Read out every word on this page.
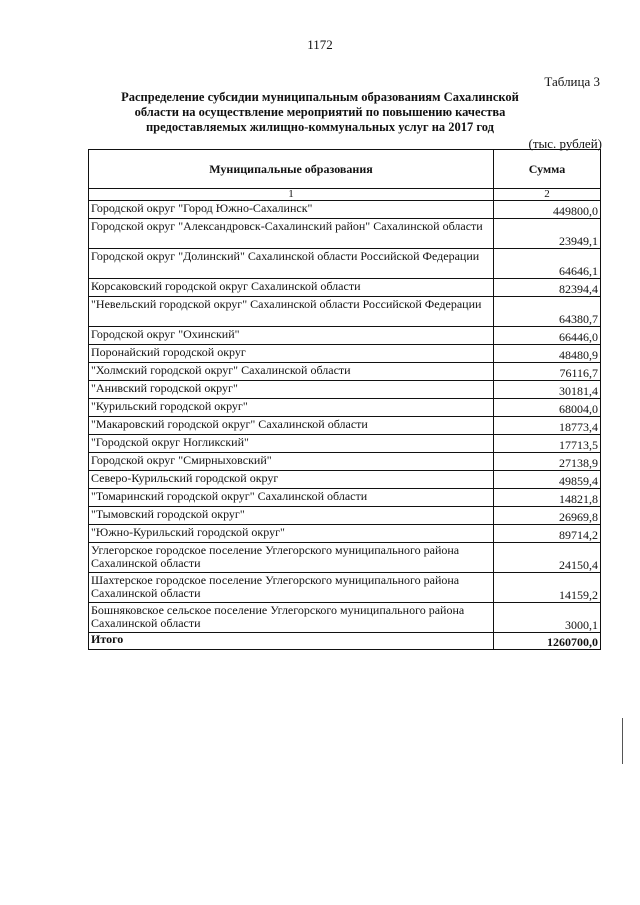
1172
Таблица 3
Распределение субсидии муниципальным образованиям Сахалинской области на осуществление мероприятий по повышению качества предоставляемых жилищно-коммунальных услуг на 2017 год
(тыс. рублей)
Муниципальные образования	Сумма
1	2
Городской округ "Город Южно-Сахалинск"	449800,0
Городской округ "Александровск-Сахалинский район" Сахалинской области	23949,1
Городской округ "Долинский" Сахалинской области Российской Федерации	64646,1
Корсаковский городской округ Сахалинской области	82394,4
"Невельский городской округ" Сахалинской области Российской Федерации	64380,7
Городской округ "Охинский"	66446,0
Поронайский городской округ	48480,9
"Холмский городской округ" Сахалинской области	76116,7
"Анивский городской округ"	30181,4
"Курильский городской округ"	68004,0
"Макаровский городской округ" Сахалинской области	18773,4
"Городской округ Ногликский"	17713,5
Городской округ "Смирныховский"	27138,9
Северо-Курильский городской округ	49859,4
"Томаринский городской округ" Сахалинской области	14821,8
"Тымовский городской округ"	26969,8
"Южно-Курильский городской округ"	89714,2
Углегорское городское поселение Углегорского муниципального района Сахалинской области	24150,4
Шахтерское городское поселение Углегорского муниципального района Сахалинской области	14159,2
Бошняковское сельское поселение Углегорского муниципального района Сахалинской области	3000,1
Итого	1260700,0
